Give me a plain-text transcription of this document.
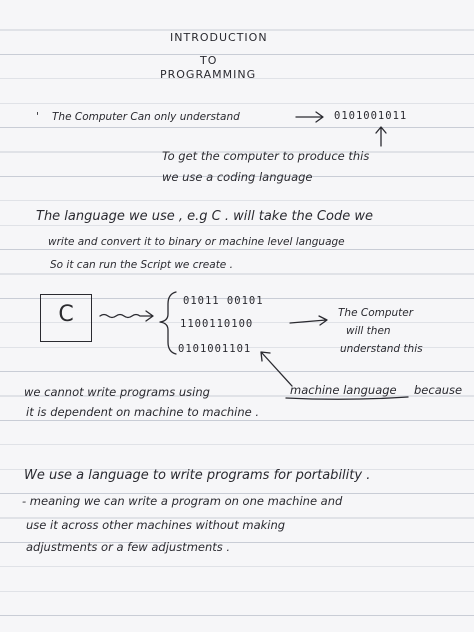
INTRODUCTION
TO
PROGRAMMING
' The Computer Can only understand	0101001011
To get the computer to produce this
we use a coding language
The language we use , e.g C . will take the Code we
write and convert it to binary or machine level language
So it can run the Script we create .
C
01011 00101
1100110100
0101001101
The Computer
will then
understand this
we cannot write programs using	machine language because
it is dependent on machine to machine .
We use a language to write programs for portability .
- meaning we can write a program on one machine and
use it across other machines without making
adjustments or a few adjustments .
